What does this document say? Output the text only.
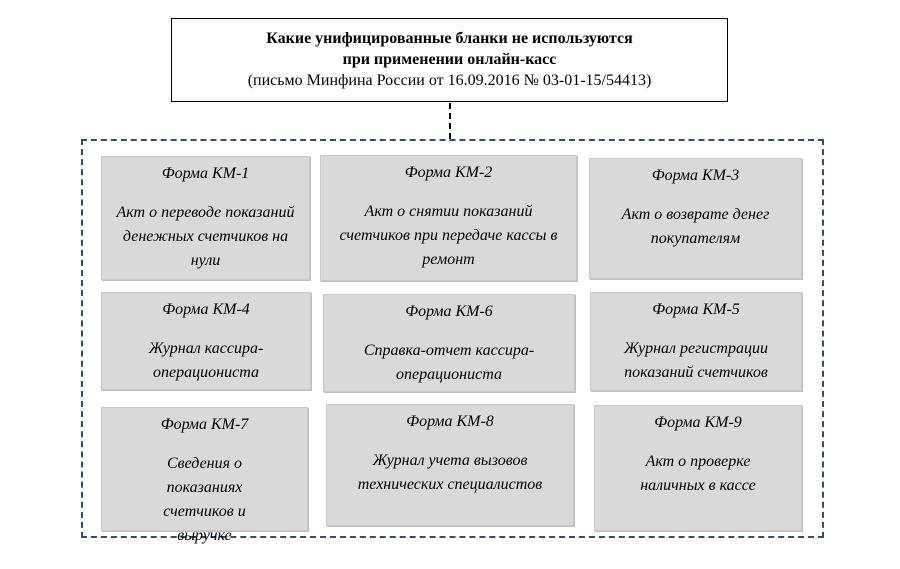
Какие унифицированные бланки не используются
при применении онлайн-касс
(письмо Минфина России от 16.09.2016 № 03-01-15/54413)
Форма КМ-1
Акт о переводе показаний денежных счетчиков на нули
Форма КМ-2
Акт о снятии показаний счетчиков при передаче кассы в ремонт
Форма КМ-3
Акт о возврате денег покупателям
Форма КМ-4
Журнал кассира-операциониста
Форма КМ-6
Справка-отчет кассира-операциониста
Форма КМ-5
Журнал регистрации показаний счетчиков
Форма КМ-7
Сведения о показаниях счетчиков и выручке
Форма КМ-8
Журнал учета вызовов технических специалистов
Форма КМ-9
Акт о проверке наличных в кассе
